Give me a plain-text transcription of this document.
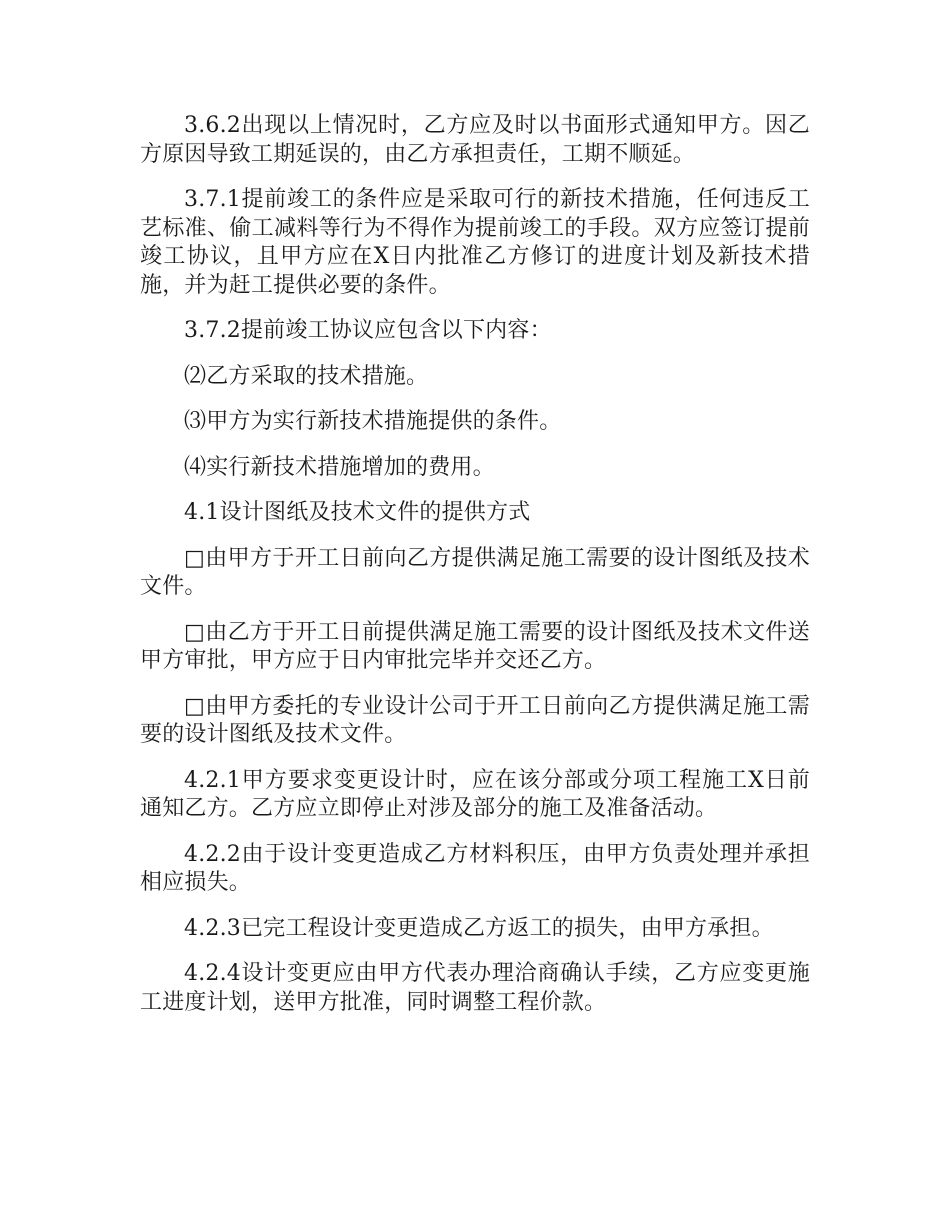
3.6.2出现以上情况时，乙方应及时以书面形式通知甲方。因乙方原因导致工期延误的，由乙方承担责任，工期不顺延。

3.7.1提前竣工的条件应是采取可行的新技术措施，任何违反工艺标准、偷工减料等行为不得作为提前竣工的手段。双方应签订提前竣工协议，且甲方应在X日内批准乙方修订的进度计划及新技术措施，并为赶工提供必要的条件。

3.7.2提前竣工协议应包含以下内容：

⑵乙方采取的技术措施。

⑶甲方为实行新技术措施提供的条件。

⑷实行新技术措施增加的费用。

4.1设计图纸及技术文件的提供方式

□由甲方于开工日前向乙方提供满足施工需要的设计图纸及技术文件。

□由乙方于开工日前提供满足施工需要的设计图纸及技术文件送甲方审批，甲方应于日内审批完毕并交还乙方。

□由甲方委托的专业设计公司于开工日前向乙方提供满足施工需要的设计图纸及技术文件。

4.2.1甲方要求变更设计时，应在该分部或分项工程施工X日前通知乙方。乙方应立即停止对涉及部分的施工及准备活动。

4.2.2由于设计变更造成乙方材料积压，由甲方负责处理并承担相应损失。

4.2.3已完工程设计变更造成乙方返工的损失，由甲方承担。

4.2.4设计变更应由甲方代表办理洽商确认手续，乙方应变更施工进度计划，送甲方批准，同时调整工程价款。
